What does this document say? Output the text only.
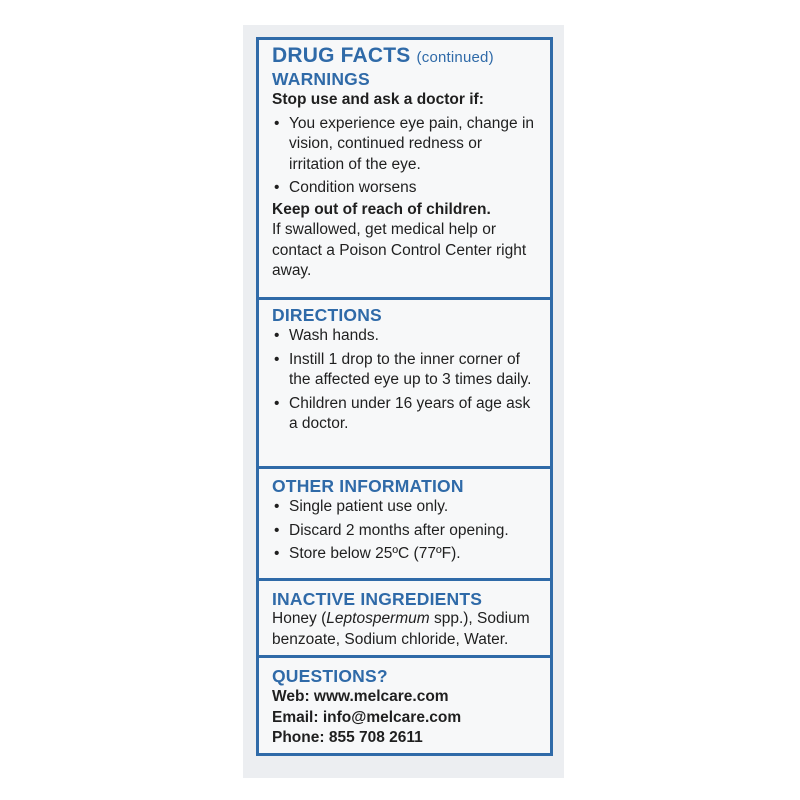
DRUG FACTS (continued)

WARNINGS

Stop use and ask a doctor if:

• You experience eye pain, change in vision, continued redness or irritation of the eye.
• Condition worsens

Keep out of reach of children.

If swallowed, get medical help or contact a Poison Control Center right away.

DIRECTIONS

• Wash hands.
• Instill 1 drop to the inner corner of the affected eye up to 3 times daily.
• Children under 16 years of age ask a doctor.

OTHER INFORMATION

• Single patient use only.
• Discard 2 months after opening.
• Store below 25ºC (77ºF).

INACTIVE INGREDIENTS

Honey (Leptospermum spp.), Sodium benzoate, Sodium chloride, Water.

QUESTIONS?

Web: www.melcare.com

Email: info@melcare.com

Phone: 855 708 2611
